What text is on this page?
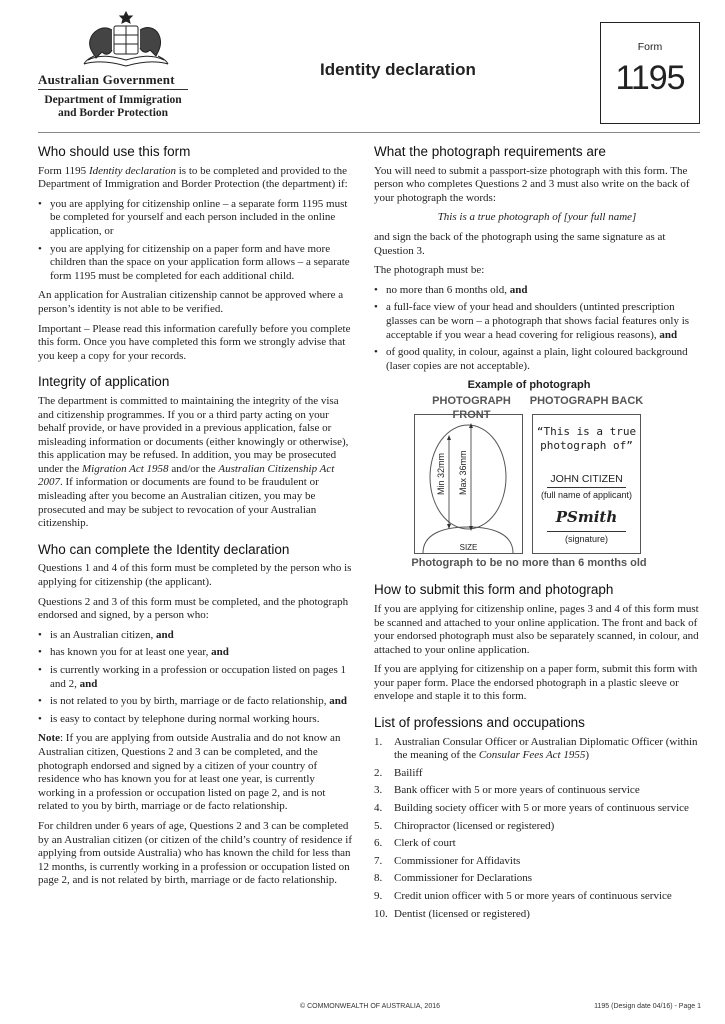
Australian Government
Department of Immigration
and Border Protection
Identity declaration
Form
1195
Who should use this form

Form 1195 Identity declaration is to be completed and provided to the Department of Immigration and Border Protection (the department) if:

• you are applying for citizenship online – a separate form 1195 must be completed for yourself and each person included in the online application, or
• you are applying for citizenship on a paper form and have more children than the space on your application form allows – a separate form 1195 must be completed for each additional child.

An application for Australian citizenship cannot be approved where a person’s identity is not able to be verified.

Important – Please read this information carefully before you complete this form. Once you have completed this form we strongly advise that you keep a copy for your records.

Integrity of application

The department is committed to maintaining the integrity of the visa and citizenship programmes. If you or a third party acting on your behalf provide, or have provided in a previous application, false or misleading information or documents (either knowingly or otherwise), this application may be refused. In addition, you may be prosecuted under the Migration Act 1958 and/or the Australian Citizenship Act 2007. If information or documents are found to be fraudulent or misleading after you become an Australian citizen, you may be prosecuted and may be subject to revocation of your Australian citizenship.

Who can complete the Identity declaration

Questions 1 and 4 of this form must be completed by the person who is applying for citizenship (the applicant).

Questions 2 and 3 of this form must be completed, and the photograph endorsed and signed, by a person who:

• is an Australian citizen, and
• has known you for at least one year, and
• is currently working in a profession or occupation listed on pages 1 and 2, and
• is not related to you by birth, marriage or de facto relationship, and
• is easy to contact by telephone during normal working hours.

Note: If you are applying from outside Australia and do not know an Australian citizen, Questions 2 and 3 can be completed, and the photograph endorsed and signed by a citizen of your country of residence who has known you for at least one year, is currently working in a profession or occupation listed on page 2, and is not related to you by birth, marriage or de facto relationship.

For children under 6 years of age, Questions 2 and 3 can be completed by an Australian citizen (or citizen of the child’s country of residence if applying from outside Australia) who has known the child for less than 12 months, is currently working in a profession or occupation listed on page 2, and is not related by birth, marriage or de facto relationship.

What the photograph requirements are

You will need to submit a passport-size photograph with this form. The person who completes Questions 2 and 3 must also write on the back of your photograph the words:

This is a true photograph of [your full name]

and sign the back of the photograph using the same signature as at Question 3.

The photograph must be:

• no more than 6 months old, and
• a full-face view of your head and shoulders (untinted prescription glasses can be worn – a photograph that shows facial features only is acceptable if you wear a head covering for religious reasons), and
• of good quality, in colour, against a plain, light coloured background (laser copies are not acceptable).
Example of photograph
PHOTOGRAPH FRONT
PHOTOGRAPH BACK
Min 32mm Max 36mm
SIZE
“This is a true
photograph of”
JOHN CITIZEN
(full name of applicant)
PSmith
(signature)
Photograph to be no more than 6 months old
How to submit this form and photograph

If you are applying for citizenship online, pages 3 and 4 of this form must be scanned and attached to your online application. The front and back of your endorsed photograph must also be separately scanned, in colour, and attached to your online application.

If you are applying for citizenship on a paper form, submit this form with your paper form. Place the endorsed photograph in a plastic sleeve or envelope and staple it to this form.

List of professions and occupations
1. Australian Consular Officer or Australian Diplomatic Officer (within the meaning of the Consular Fees Act 1955)
2. Bailiff
3. Bank officer with 5 or more years of continuous service
4. Building society officer with 5 or more years of continuous service
5. Chiropractor (licensed or registered)
6. Clerk of court
7. Commissioner for Affidavits
8. Commissioner for Declarations
9. Credit union officer with 5 or more years of continuous service
10. Dentist (licensed or registered)
© COMMONWEALTH OF AUSTRALIA, 2016	1195 (Design date 04/16) - Page 1
